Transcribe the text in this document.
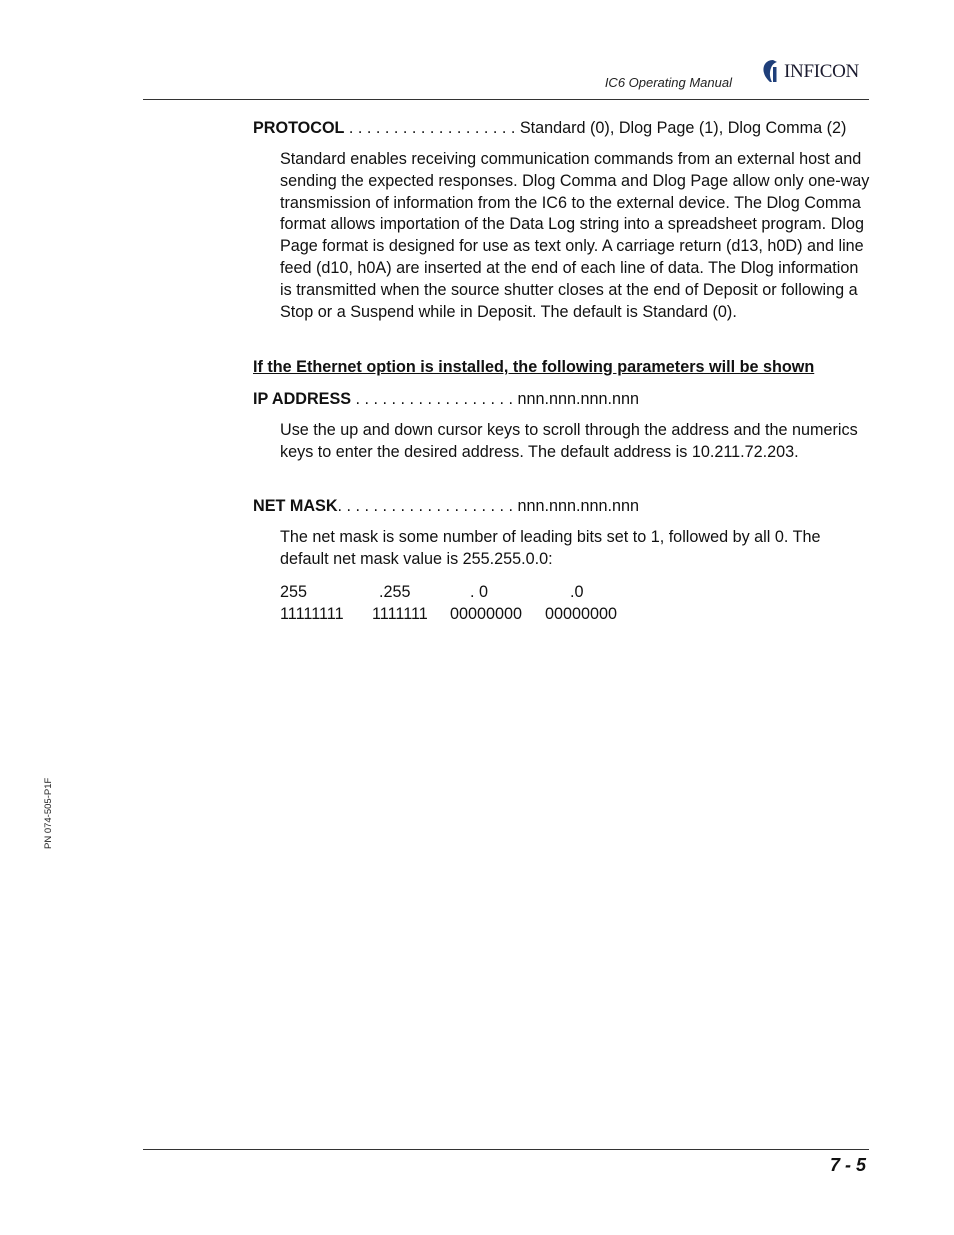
IC6 Operating Manual
INFICON
PROTOCOL . . . . . . . . . . . . . . . . . . . Standard (0), Dlog Page (1), Dlog Comma (2)
Standard enables receiving communication commands from an external host and sending the expected responses. Dlog Comma and Dlog Page allow only one-way transmission of information from the IC6 to the external device. The Dlog Comma format allows importation of the Data Log string into a spreadsheet program. Dlog Page format is designed for use as text only. A carriage return (d13, h0D) and line feed (d10, h0A) are inserted at the end of each line of data. The Dlog information is transmitted when the source shutter closes at the end of Deposit or following a Stop or a Suspend while in Deposit. The default is Standard (0).
If the Ethernet option is installed, the following parameters will be shown
IP ADDRESS . . . . . . . . . . . . . . . . . . nnn.nnn.nnn.nnn
Use the up and down cursor keys to scroll through the address and the numerics keys to enter the desired address. The default address is 10.211.72.203.
NET MASK. . . . . . . . . . . . . . . . . . . . nnn.nnn.nnn.nnn
The net mask is some number of leading bits set to 1, followed by all 0. The default net mask value is 255.255.0.0:
255	.255	. 0	.0
11111111 1111111 00000000 00000000
PN 074-505-P1F
7 - 5
